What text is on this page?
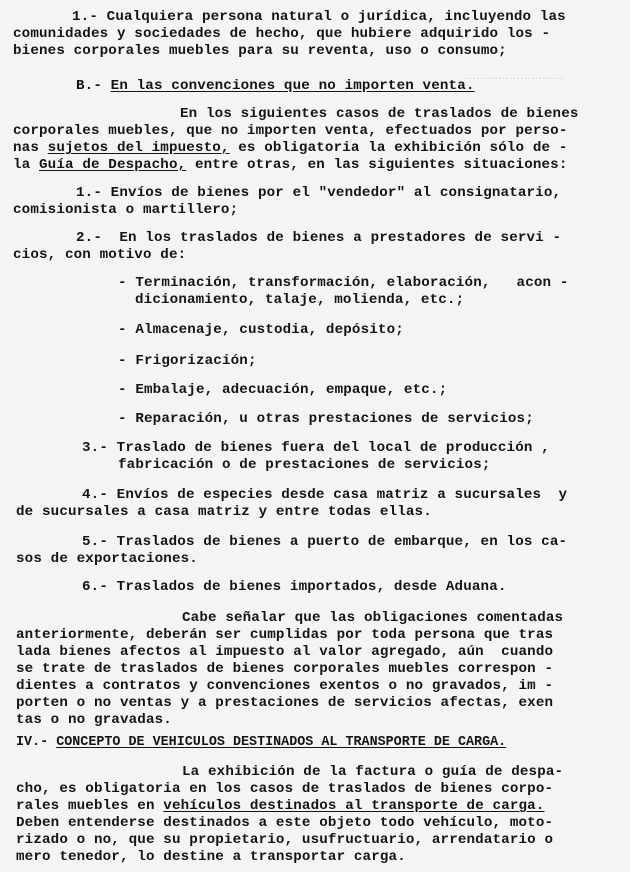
………………………
1.- Cualquiera persona natural o jurídica, incluyendo las
comunidades y sociedades de hecho, que hubiere adquirido los -
bienes corporales muebles para su reventa, uso o consumo;
B.- En las convenciones que no importen venta.
En los siguientes casos de traslados de bienes
corporales muebles, que no importen venta, efectuados por perso-
nas sujetos del impuesto, es obligatoria la exhibición sólo de -
la Guía de Despacho, entre otras, en las siguientes situaciones:
1.- Envíos de bienes por el "vendedor" al consignatario,
comisionista o martillero;
2.-  En los traslados de bienes a prestadores de servi -
cios, con motivo de:
- Terminación, transformación, elaboración,   acon -
dicionamiento, talaje, molienda, etc.;
- Almacenaje, custodia, depósito;
- Frigorización;
- Embalaje, adecuación, empaque, etc.;
- Reparación, u otras prestaciones de servicios;
3.- Traslado de bienes fuera del local de producción ,
fabricación o de prestaciones de servicios;
4.- Envíos de especies desde casa matriz a sucursales  y
de sucursales a casa matriz y entre todas ellas.
5.- Traslados de bienes a puerto de embarque, en los ca-
sos de exportaciones.
6.- Traslados de bienes importados, desde Aduana.
Cabe señalar que las obligaciones comentadas
anteriormente, deberán ser cumplidas por toda persona que tras
lada bienes afectos al impuesto al valor agregado, aún  cuando
se trate de traslados de bienes corporales muebles correspon -
dientes a contratos y convenciones exentos o no gravados, im -
porten o no ventas y a prestaciones de servicios afectas, exen
tas o no gravadas.
IV.- CONCEPTO DE VEHICULOS DESTINADOS AL TRANSPORTE DE CARGA.
La exhibición de la factura o guía de despa-
cho, es obligatoria en los casos de traslados de bienes corpo-
rales muebles en vehículos destinados al transporte de carga.
Deben entenderse destinados a este objeto todo vehículo, moto-
rizado o no, que su propietario, usufructuario, arrendatario o
mero tenedor, lo destine a transportar carga.
